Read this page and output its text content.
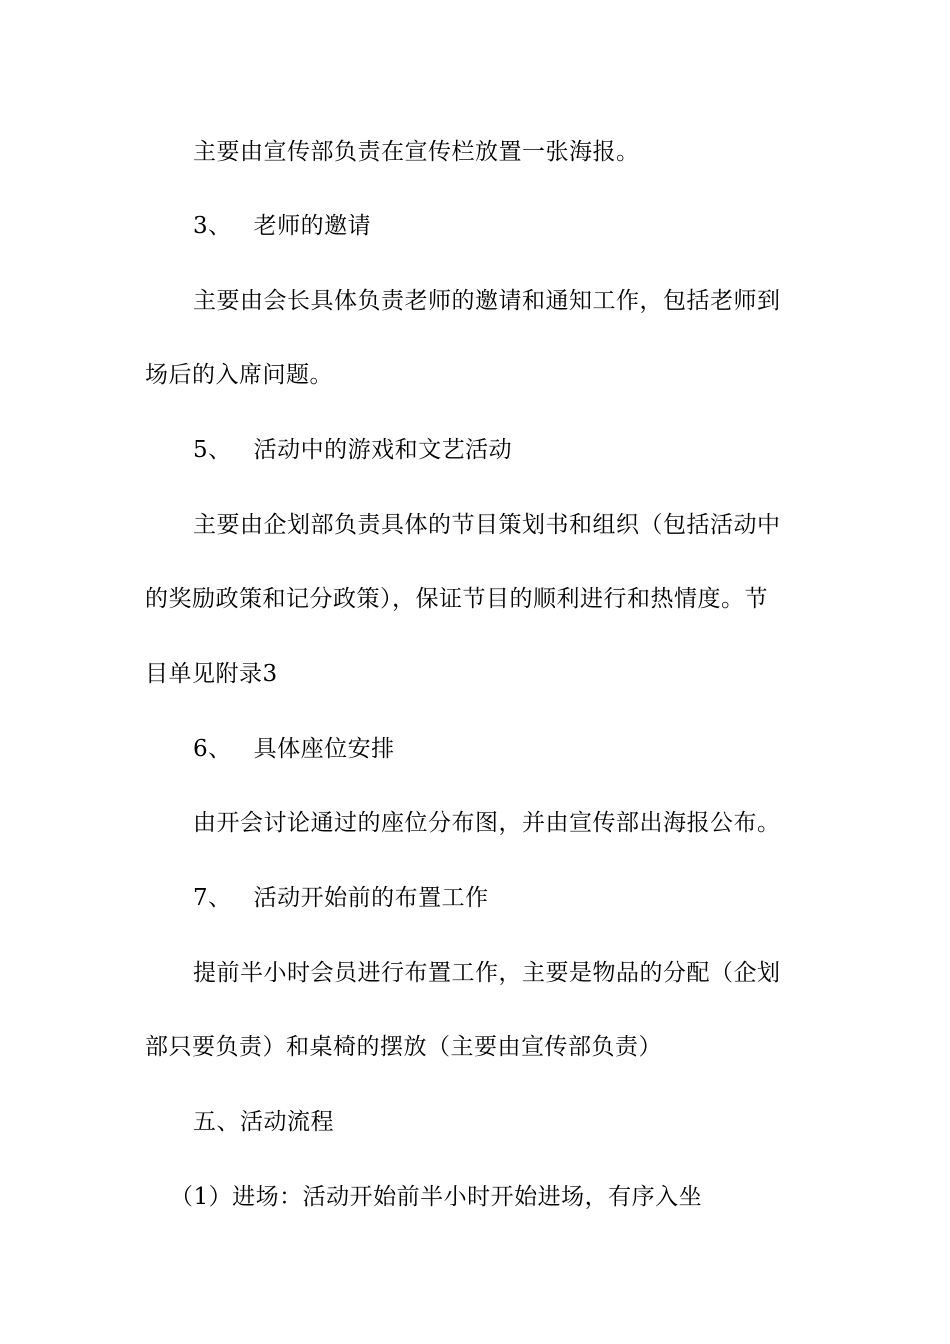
主要由宣传部负责在宣传栏放置一张海报。
3、 老师的邀请
主要由会长具体负责老师的邀请和通知工作，包括老师到
场后的入席问题。
5、 活动中的游戏和文艺活动
主要由企划部负责具体的节目策划书和组织（包括活动中
的奖励政策和记分政策），保证节目的顺利进行和热情度。节
目单见附录3
6、 具体座位安排
由开会讨论通过的座位分布图，并由宣传部出海报公布。
7、 活动开始前的布置工作
提前半小时会员进行布置工作，主要是物品的分配（企划
部只要负责）和桌椅的摆放（主要由宣传部负责）
五、活动流程
（1）进场：活动开始前半小时开始进场，有序入坐
